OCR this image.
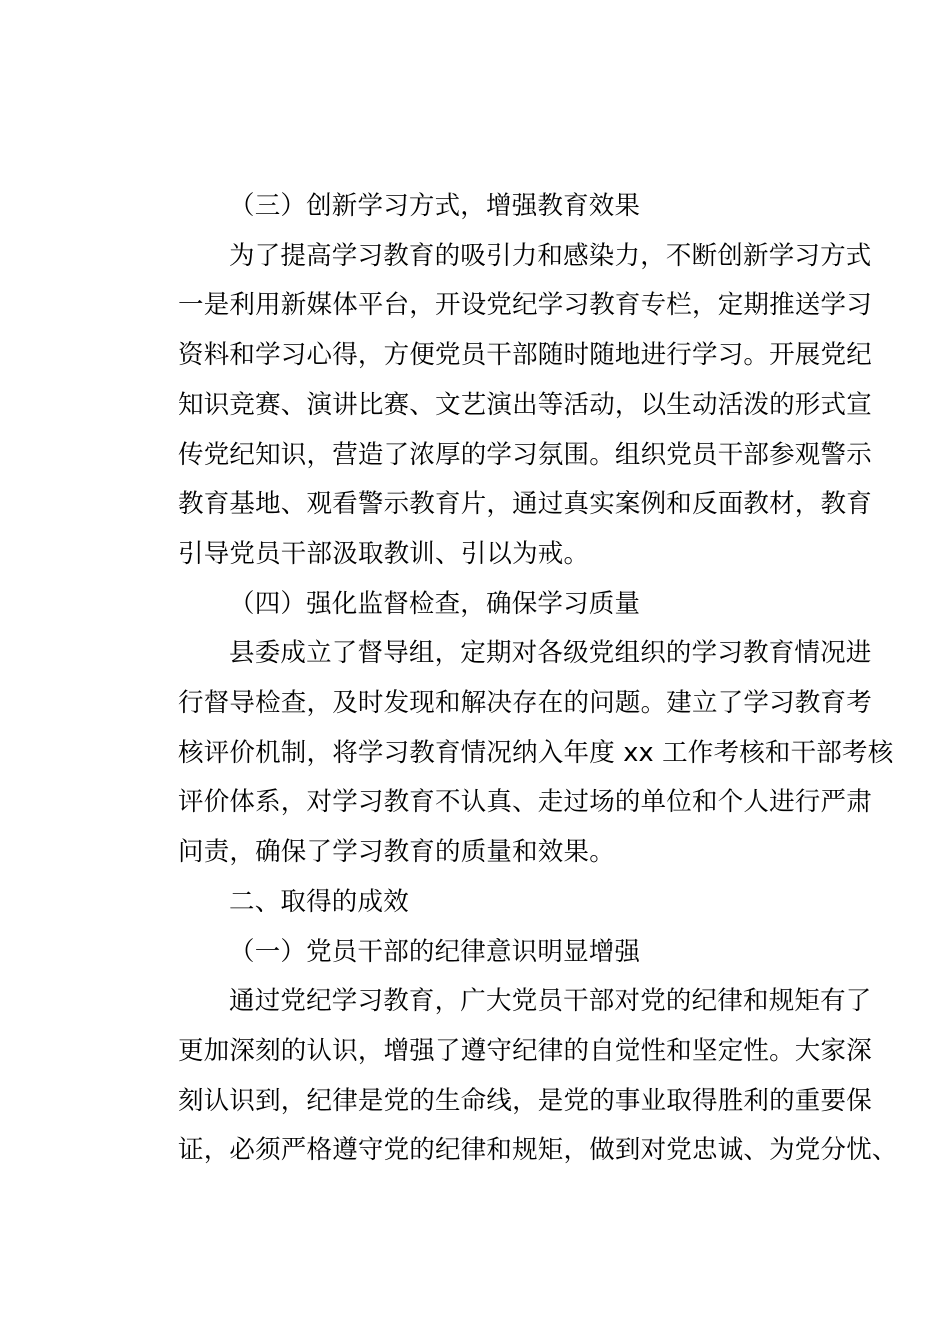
（三）创新学习方式，增强教育效果
为了提高学习教育的吸引力和感染力，不断创新学习方式
一是利用新媒体平台，开设党纪学习教育专栏，定期推送学习
资料和学习心得，方便党员干部随时随地进行学习。开展党纪
知识竞赛、演讲比赛、文艺演出等活动，以生动活泼的形式宣
传党纪知识，营造了浓厚的学习氛围。组织党员干部参观警示
教育基地、观看警示教育片，通过真实案例和反面教材，教育
引导党员干部汲取教训、引以为戒。
（四）强化监督检查，确保学习质量
县委成立了督导组，定期对各级党组织的学习教育情况进
行督导检查，及时发现和解决存在的问题。建立了学习教育考
核评价机制，将学习教育情况纳入年度 xx 工作考核和干部考核
评价体系，对学习教育不认真、走过场的单位和个人进行严肃
问责，确保了学习教育的质量和效果。
二、取得的成效
（一）党员干部的纪律意识明显增强
通过党纪学习教育，广大党员干部对党的纪律和规矩有了
更加深刻的认识，增强了遵守纪律的自觉性和坚定性。大家深
刻认识到，纪律是党的生命线，是党的事业取得胜利的重要保
证，必须严格遵守党的纪律和规矩，做到对党忠诚、为党分忧、
